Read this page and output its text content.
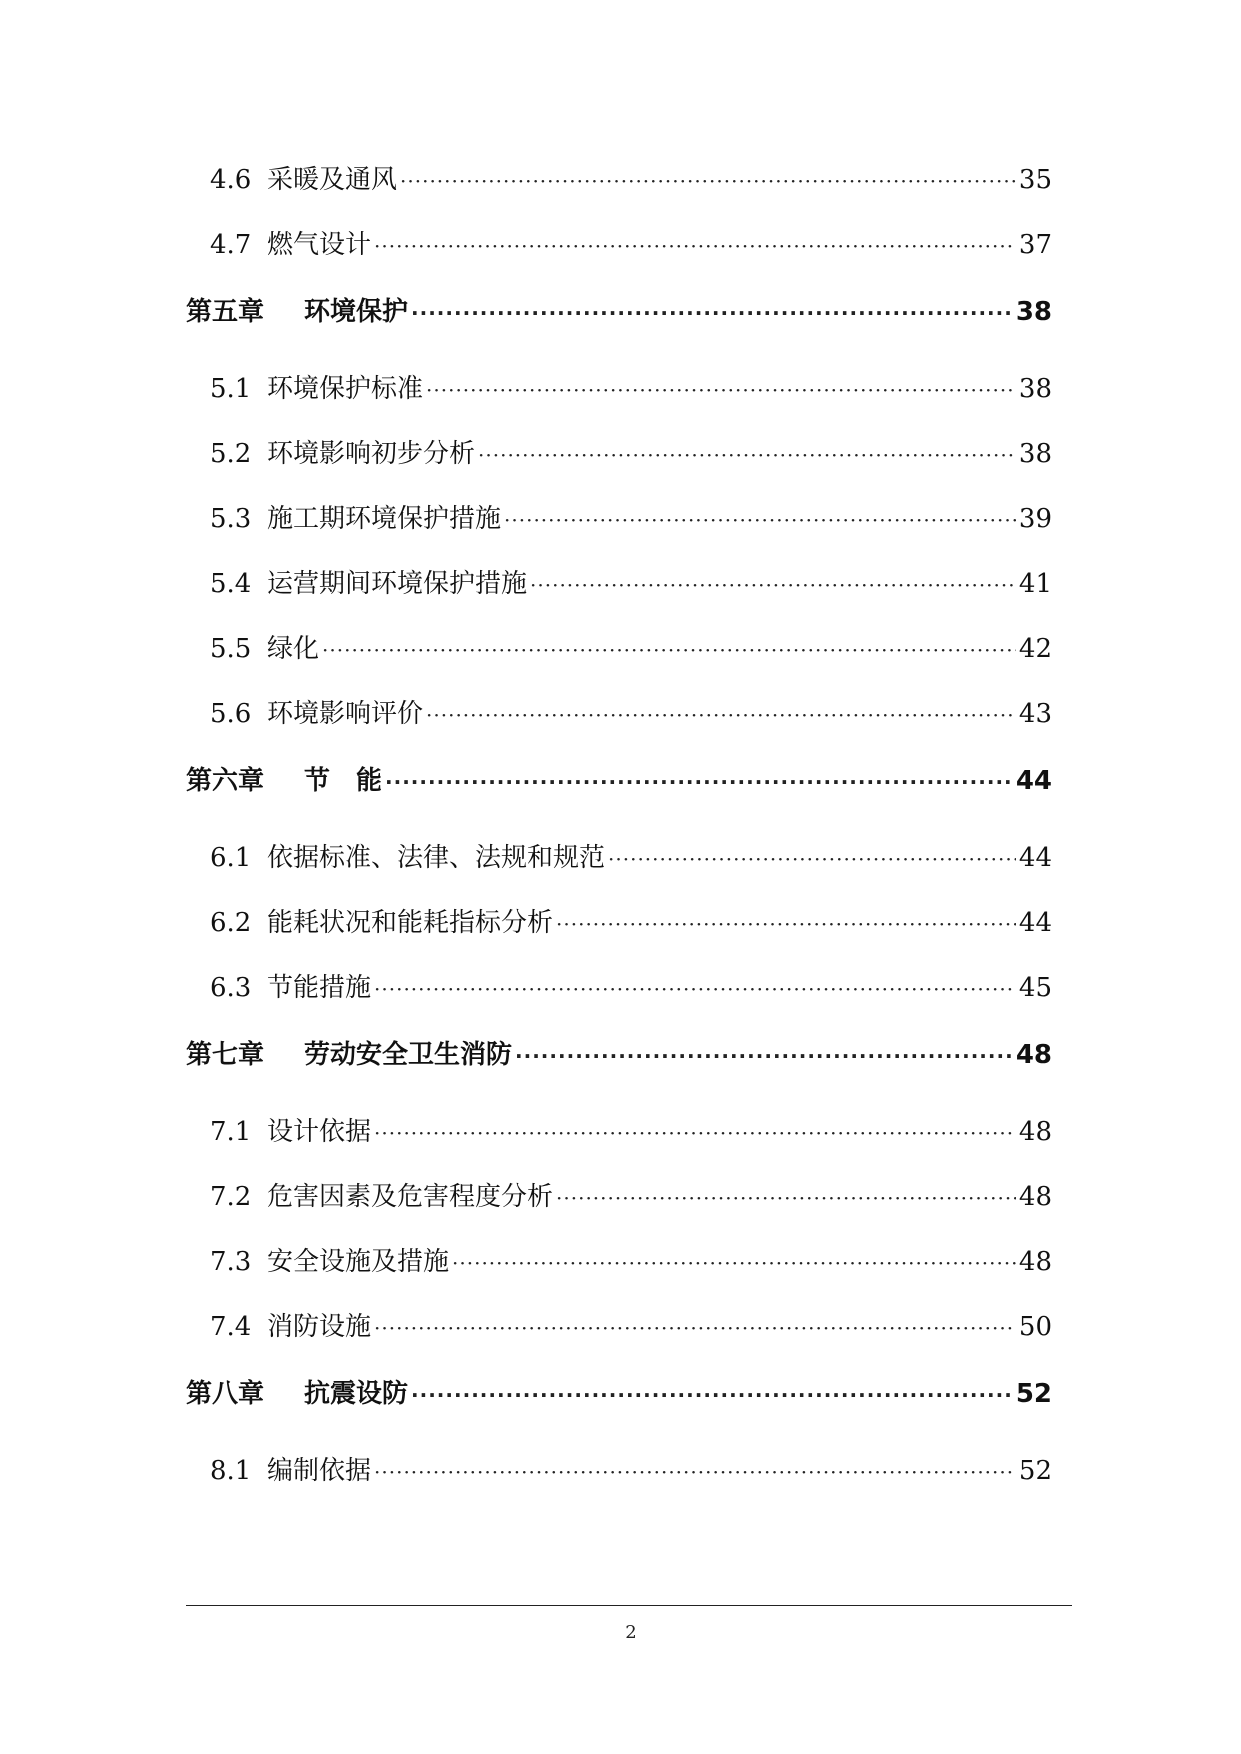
4.6 采暖及通风 ·····	35
4.7 燃气设计 ·····	37
第五章	环境保护 ·····	38
5.1 环境保护标准 ·····	38
5.2 环境影响初步分析 ·····	38
5.3 施工期环境保护措施 ·····	39
5.4 运营期间环境保护措施 ·····	41
5.5 绿化 ·····	42
5.6 环境影响评价 ·····	43
第六章	节　能 ·····	44
6.1 依据标准、法律、法规和规范 ·····	44
6.2 能耗状况和能耗指标分析 ·····	44
6.3 节能措施 ·····	45
第七章	劳动安全卫生消防 ·····	48
7.1 设计依据 ·····	48
7.2 危害因素及危害程度分析 ·····	48
7.3 安全设施及措施 ·····	48
7.4 消防设施 ·····	50
第八章	抗震设防 ·····	52
8.1 编制依据 ·····	52
2
